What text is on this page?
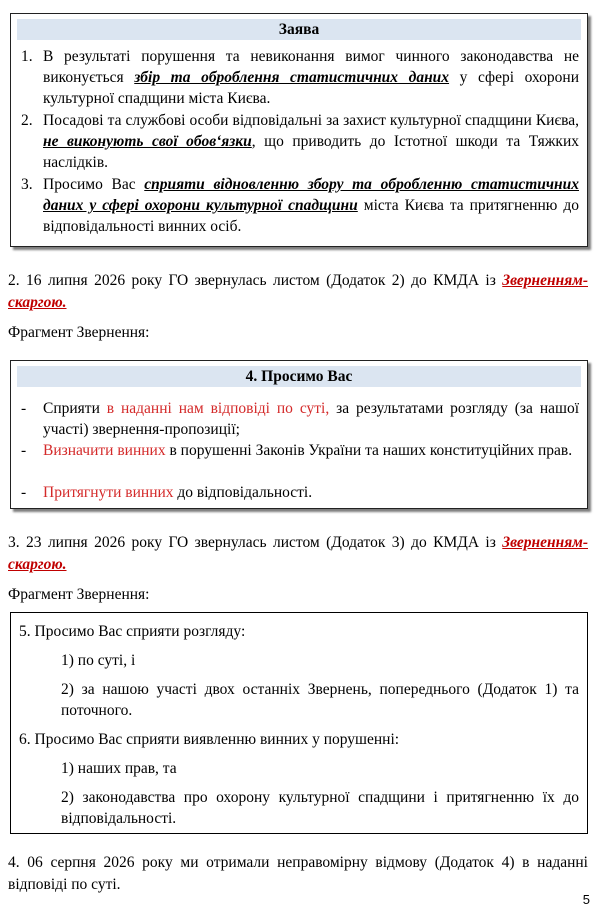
Заява
1. В результаті порушення та невиконання вимог чинного законодавства не виконується збір та оброблення статистичних даних у сфері охорони культурної спадщини міста Києва.
2. Посадові та службові особи відповідальні за захист культурної спадщини Києва, не виконують свої обов‘язки, що приводить до Істотної шкоди та Тяжких наслідків.
3. Просимо Вас сприяти відновленню збору та обробленню статистичних даних у сфері охорони культурної спадщини міста Києва та притягненню до відповідальності винних осіб.
2. 16 липня 2026 року ГО звернулась листом (Додаток 2) до КМДА із Зверненням-скаргою.
Фрагмент Звернення:
4. Просимо Вас
- Сприяти в наданні нам відповіді по суті, за результатами розгляду (за нашої участі) звернення-пропозиції;
- Визначити винних в порушенні Законів України та наших конституційних прав.
- Притягнути винних до відповідальності.
3. 23 липня 2026 року ГО звернулась листом (Додаток 3) до КМДА із Зверненням-скаргою.
Фрагмент Звернення:
5. Просимо Вас сприяти розгляду:
1) по суті, і
2) за нашою участі двох останніх Звернень, попереднього (Додаток 1) та поточного.
6. Просимо Вас сприяти виявленню винних у порушенні:
1) наших прав, та
2) законодавства про охорону культурної спадщини і притягненню їх до відповідальності.
4. 06 серпня 2026 року ми отримали неправомірну відмову (Додаток 4) в наданні відповіді по суті.
5
